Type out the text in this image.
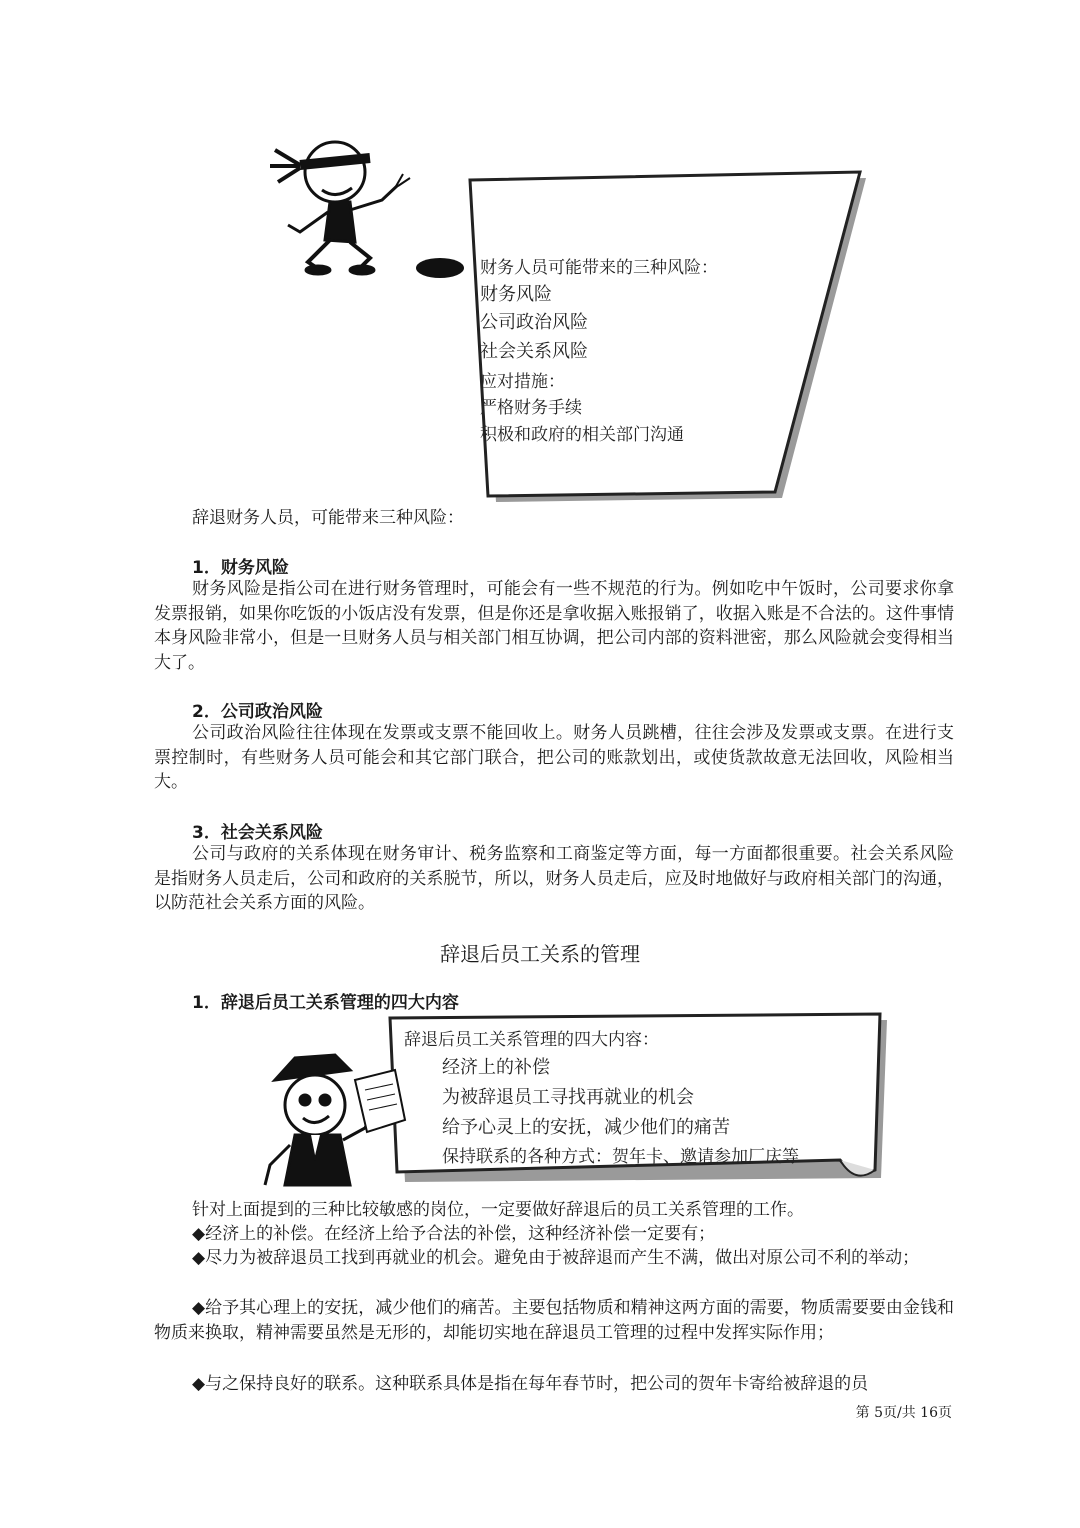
财务人员可能带来的三种风险：

财务风险

公司政治风险

社会关系风险

应对措施：

严格财务手续

积极和政府的相关部门沟通

辞退财务人员，可能带来三种风险：

1．财务风险

财务风险是指公司在进行财务管理时，可能会有一些不规范的行为。例如吃中午饭时，公司要求你拿发票报销，如果你吃饭的小饭店没有发票，但是你还是拿收据入账报销了，收据入账是不合法的。这件事情本身风险非常小，但是一旦财务人员与相关部门相互协调，把公司内部的资料泄密，那么风险就会变得相当大了。

2．公司政治风险

公司政治风险往往体现在发票或支票不能回收上。财务人员跳槽，往往会涉及发票或支票。在进行支票控制时，有些财务人员可能会和其它部门联合，把公司的账款划出，或使货款故意无法回收，风险相当大。

3．社会关系风险

公司与政府的关系体现在财务审计、税务监察和工商鉴定等方面，每一方面都很重要。社会关系风险是指财务人员走后，公司和政府的关系脱节，所以，财务人员走后，应及时地做好与政府相关部门的沟通，以防范社会关系方面的风险。

辞退后员工关系的管理

1．辞退后员工关系管理的四大内容

辞退后员工关系管理的四大内容：

经济上的补偿

为被辞退员工寻找再就业的机会

给予心灵上的安抚，减少他们的痛苦

保持联系的各种方式：贺年卡、邀请参加厂庆等

针对上面提到的三种比较敏感的岗位，一定要做好辞退后的员工关系管理的工作。

◆经济上的补偿。在经济上给予合法的补偿，这种经济补偿一定要有；

◆尽力为被辞退员工找到再就业的机会。避免由于被辞退而产生不满，做出对原公司不利的举动；

◆给予其心理上的安抚，减少他们的痛苦。主要包括物质和精神这两方面的需要，物质需要要由金钱和物质来换取，精神需要虽然是无形的，却能切实地在辞退员工管理的过程中发挥实际作用；

◆与之保持良好的联系。这种联系具体是指在每年春节时，把公司的贺年卡寄给被辞退的员

第 5页/共 16页
